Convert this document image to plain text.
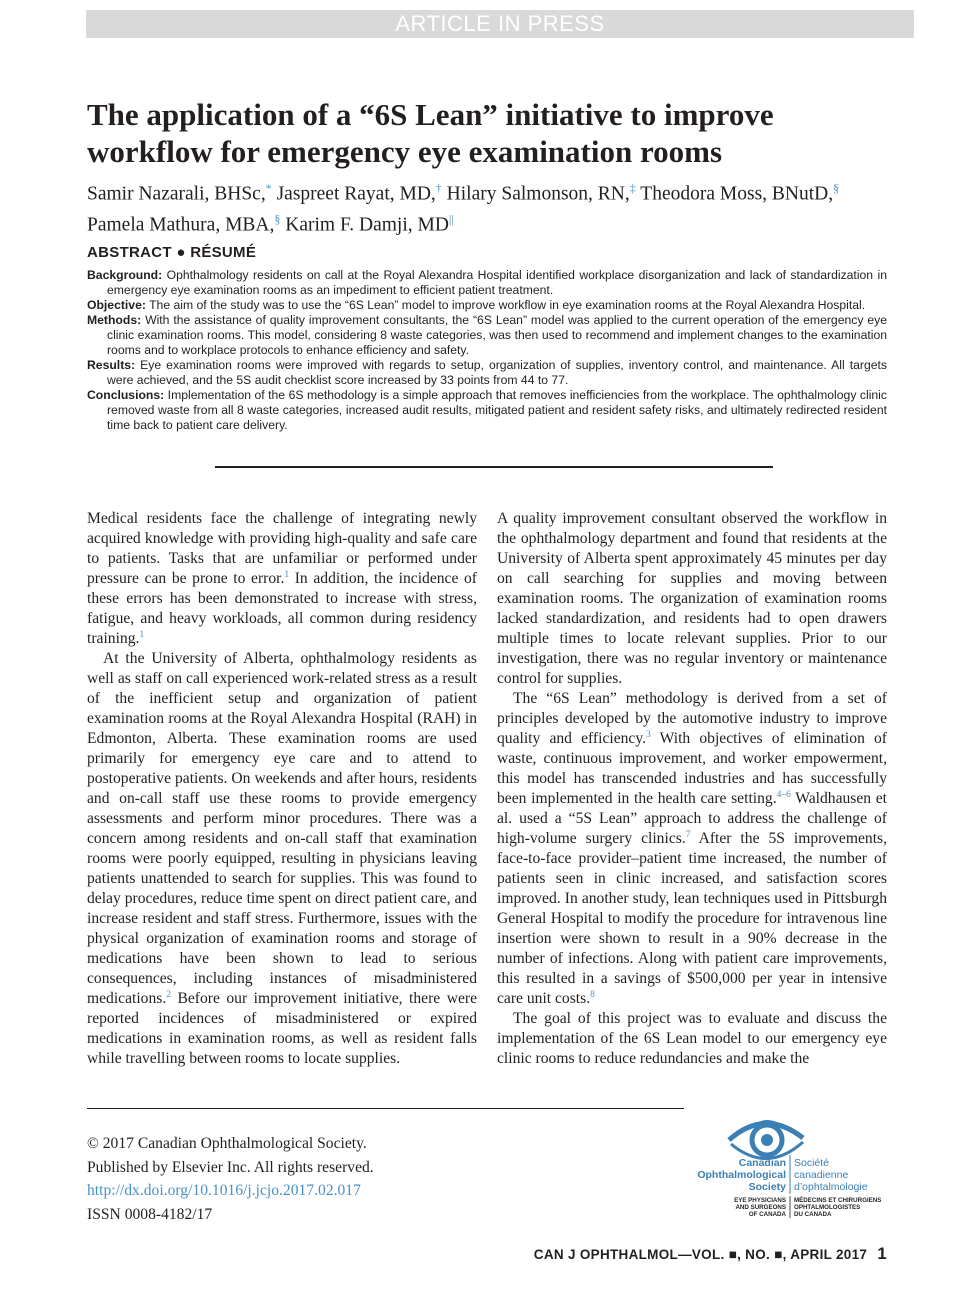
ARTICLE IN PRESS
The application of a “6S Lean” initiative to improve workflow for emergency eye examination rooms
Samir Nazarali, BHSc,* Jaspreet Rayat, MD,† Hilary Salmonson, RN,‡ Theodora Moss, BNutD,§
Pamela Mathura, MBA,§ Karim F. Damji, MD||
ABSTRACT ● RÉSUMÉ

Background: Ophthalmology residents on call at the Royal Alexandra Hospital identified workplace disorganization and lack of standardization in emergency eye examination rooms as an impediment to efficient patient treatment.

Objective: The aim of the study was to use the “6S Lean” model to improve workflow in eye examination rooms at the Royal Alexandra Hospital.

Methods: With the assistance of quality improvement consultants, the “6S Lean” model was applied to the current operation of the emergency eye clinic examination rooms. This model, considering 8 waste categories, was then used to recommend and implement changes to the examination rooms and to workplace protocols to enhance efficiency and safety.

Results: Eye examination rooms were improved with regards to setup, organization of supplies, inventory control, and maintenance. All targets were achieved, and the 5S audit checklist score increased by 33 points from 44 to 77.

Conclusions: Implementation of the 6S methodology is a simple approach that removes inefficiencies from the workplace. The ophthalmology clinic removed waste from all 8 waste categories, increased audit results, mitigated patient and resident safety risks, and ultimately redirected resident time back to patient care delivery.

Medical residents face the challenge of integrating newly acquired knowledge with providing high-quality and safe care to patients. Tasks that are unfamiliar or performed under pressure can be prone to error.$^1$ In addition, the incidence of these errors has been demonstrated to increase with stress, fatigue, and heavy workloads, all common during residency training.$^1$

At the University of Alberta, ophthalmology residents as well as staff on call experienced work-related stress as a result of the inefficient setup and organization of patient examination rooms at the Royal Alexandra Hospital (RAH) in Edmonton, Alberta. These examination rooms are used primarily for emergency eye care and to attend to postoperative patients. On weekends and after hours, residents and on-call staff use these rooms to provide emergency assessments and perform minor procedures. There was a concern among residents and on-call staff that examination rooms were poorly equipped, resulting in physicians leaving patients unattended to search for supplies. This was found to delay procedures, reduce time spent on direct patient care, and increase resident and staff stress. Furthermore, issues with the physical organization of examination rooms and storage of medications have been shown to lead to serious consequences, including instances of misadministered medications.$^2$ Before our improvement initiative, there were reported incidences of misadministered or expired medications in examination rooms, as well as resident falls while travelling between rooms to locate supplies.

A quality improvement consultant observed the workflow in the ophthalmology department and found that residents at the University of Alberta spent approximately 45 minutes per day on call searching for supplies and moving between examination rooms. The organization of examination rooms lacked standardization, and residents had to open drawers multiple times to locate relevant supplies. Prior to our investigation, there was no regular inventory or maintenance control for supplies.

The “6S Lean” methodology is derived from a set of principles developed by the automotive industry to improve quality and efficiency.$^3$ With objectives of elimination of waste, continuous improvement, and worker empowerment, this model has transcended industries and has successfully been implemented in the health care setting.$^{4-6}$ Waldhausen et al. used a “5S Lean” approach to address the challenge of high-volume surgery clinics.$^7$ After the 5S improvements, face-to-face provider–patient time increased, the number of patients seen in clinic increased, and satisfaction scores improved. In another study, lean techniques used in Pittsburgh General Hospital to modify the procedure for intravenous line insertion were shown to result in a 90% decrease in the number of infections. Along with patient care improvements, this resulted in a savings of $500,000 per year in intensive care unit costs.$^8$

The goal of this project was to evaluate and discuss the implementation of the 6S Lean model to our emergency eye clinic rooms to reduce redundancies and make the

© 2017 Canadian Ophthalmological Society.
Published by Elsevier Inc. All rights reserved.
http://dx.doi.org/10.1016/j.jcjo.2017.02.017
ISSN 0008-4182/17
Canadian
Ophthalmological
Society
Société
canadienne
d’ophtalmologie
EYE PHYSICIANS
AND SURGEONS
OF CANADA
MÉDECINS ET CHIRURGIENS
OPHTALMOLOGISTES
DU CANADA
CAN J OPHTHALMOL—VOL. ■, NO. ■, APRIL 2017 1
